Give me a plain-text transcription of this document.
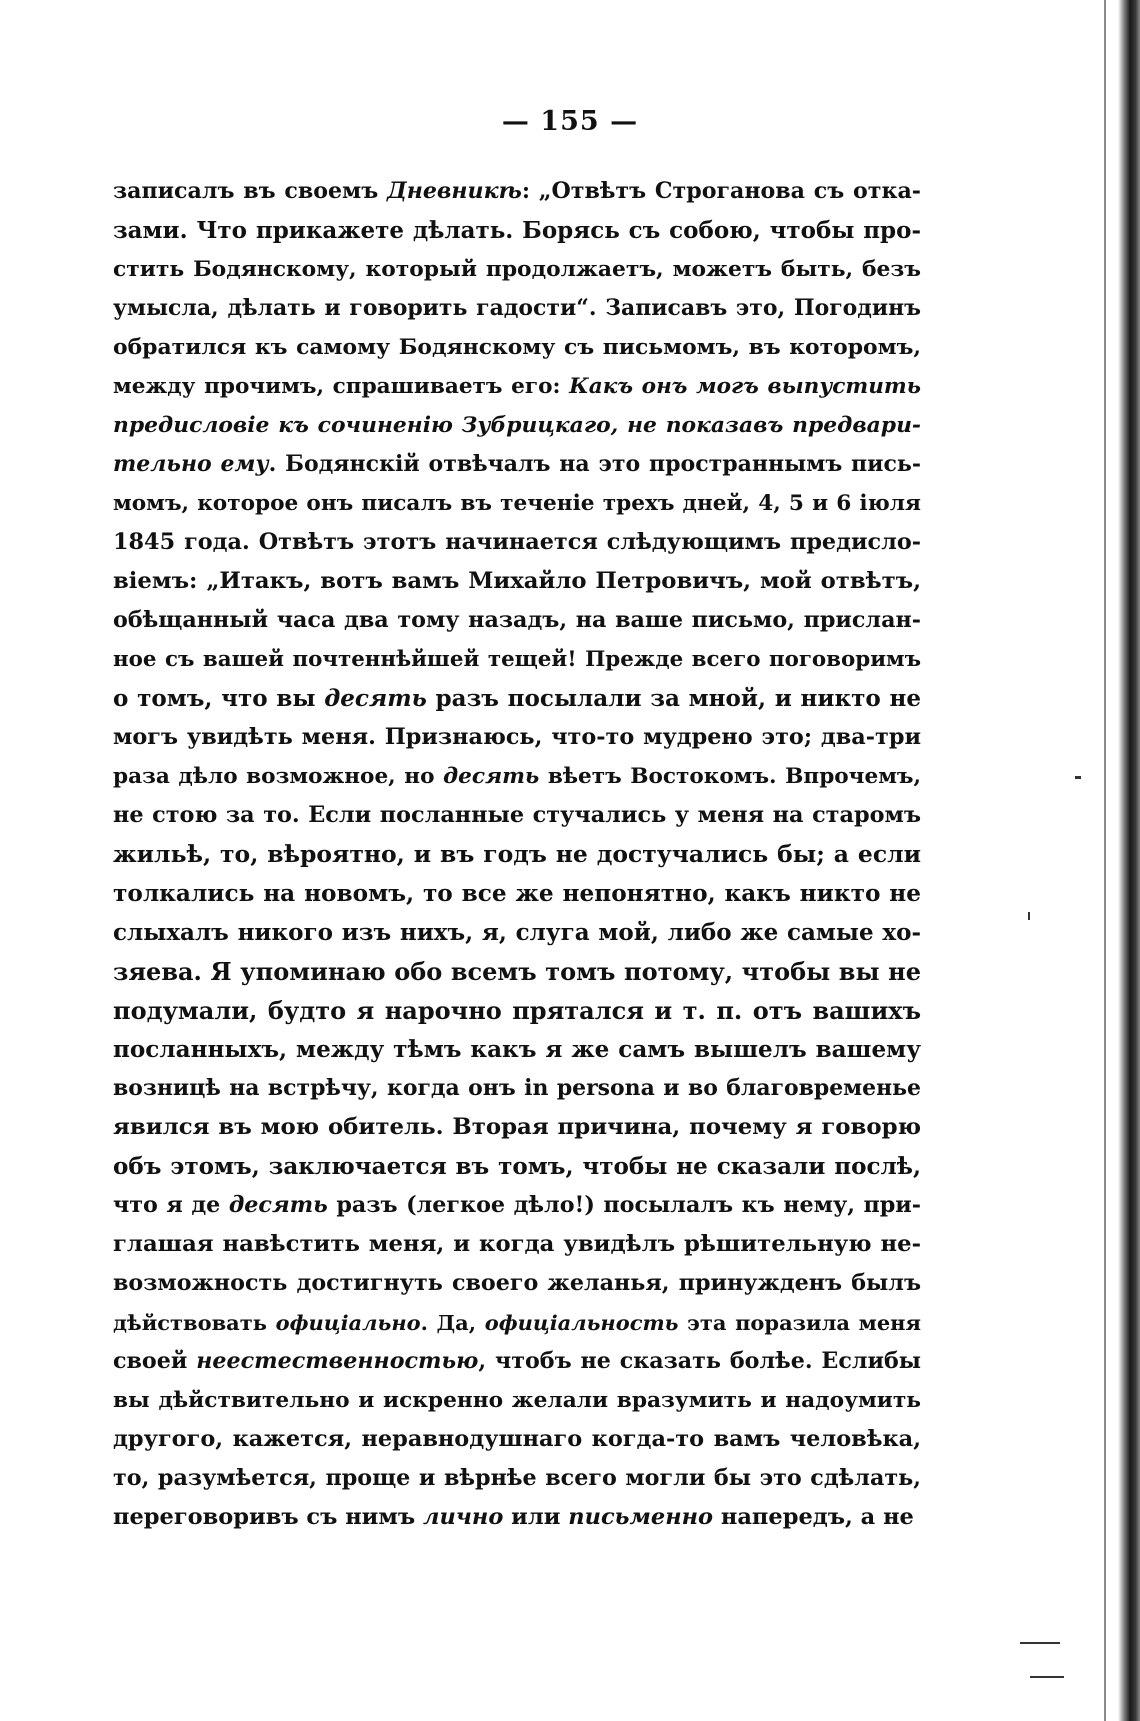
— 155 —
записалъ въ своемъ Дневникѣ: „Отвѣтъ Строганова съ отка-
зами. Что прикажете дѣлать. Борясь съ собою, чтобы про-
стить Бодянскому, который продолжаетъ, можетъ быть, безъ
умысла, дѣлать и говорить гадости“. Записавъ это, Погодинъ
обратился къ самому Бодянскому съ письмомъ, въ которомъ,
между прочимъ, спрашиваетъ его: Какъ онъ могъ выпустить
предисловіе къ сочиненію Зубрицкаго, не показавъ предвари-
тельно ему. Бодянскій отвѣчалъ на это пространнымъ пись-
момъ, которое онъ писалъ въ теченіе трехъ дней, 4, 5 и 6 іюля
1845 года. Отвѣтъ этотъ начинается слѣдующимъ предисло-
віемъ: „Итакъ, вотъ вамъ Михайло Петровичъ, мой отвѣтъ,
обѣщанный часа два тому назадъ, на ваше письмо, прислан-
ное съ вашей почтеннѣйшей тещей! Прежде всего поговоримъ
о томъ, что вы десять разъ посылали за мной, и никто не
могъ увидѣть меня. Признаюсь, что-то мудрено это; два-три
раза дѣло возможное, но десять вѣетъ Востокомъ. Впрочемъ,
не стою за то. Если посланные стучались у меня на старомъ
жильѣ, то, вѣроятно, и въ годъ не достучались бы; а если
толкались на новомъ, то все же непонятно, какъ никто не
слыхалъ никого изъ нихъ, я, слуга мой, либо же самые хо-
зяева. Я упоминаю обо всемъ томъ потому, чтобы вы не
подумали, будто я нарочно прятался и т. п. отъ вашихъ
посланныхъ, между тѣмъ какъ я же самъ вышелъ вашему
возницѣ на встрѣчу, когда онъ in persona и во благовременье
явился въ мою обитель. Вторая причина, почему я говорю
объ этомъ, заключается въ томъ, чтобы не сказали послѣ,
что я де десять разъ (легкое дѣло!) посылалъ къ нему, при-
глашая навѣстить меня, и когда увидѣлъ рѣшительную не-
возможность достигнуть своего желанья, принужденъ былъ
дѣйствовать офиціально. Да, офиціальность эта поразила меня
своей неестественностью, чтобъ не сказать болѣе. Еслибы
вы дѣйствительно и искренно желали вразумить и надоумить
другого, кажется, неравнодушнаго когда-то вамъ человѣка,
то, разумѣется, проще и вѣрнѣе всего могли бы это сдѣлать,
переговоривъ съ нимъ лично или письменно напередъ, а не
